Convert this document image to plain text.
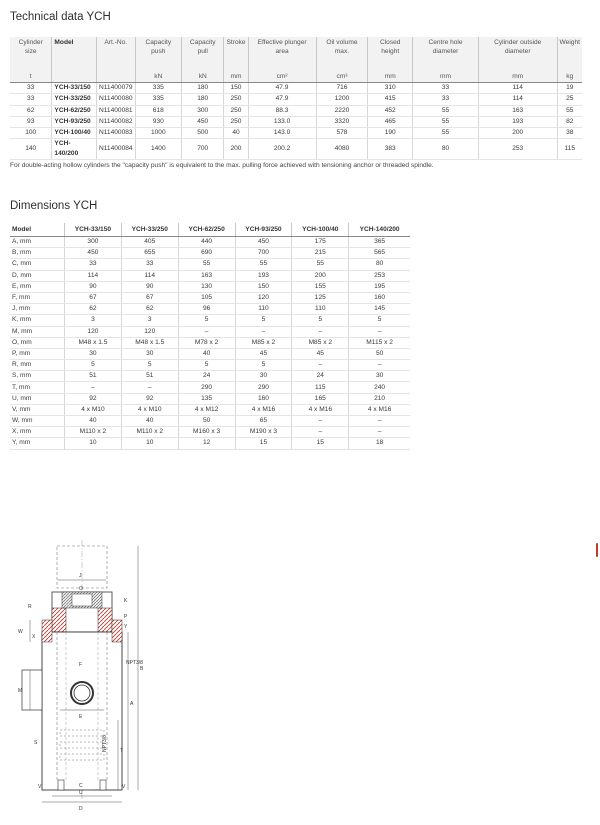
Technical data YCH
Cylinder size	Model	Art.-No.	Capacity push	Capacity pull	Stroke	Effective plunger area	Oil volume max.	Closed height	Centre hole diameter	Cylinder outside diameter	Weight
t			kN	kN	mm	cm²	cm³	mm	mm	mm	kg
33	YCH-33/150	N11400079	335	180	150	47.9	716	310	33	114	19
33	YCH-33/250	N11400080	335	180	250	47.9	1200	415	33	114	25
62	YCH-62/250	N11400081	618	300	250	88.3	2220	452	55	163	55
93	YCH-93/250	N11400082	930	450	250	133.0	3320	465	55	193	82
100	YCH-100/40	N11400083	1000	500	40	143.0	578	190	55	200	38
140	YCH-140/200	N11400084	1400	700	200	200.2	4080	383	80	253	115
For double-acting hollow cylinders the "capacity push" is equivalent to the max. pulling force achieved with tensioning anchor or threaded spindle.
Dimensions YCH
Model	YCH-33/150	YCH-33/250	YCH-62/250	YCH-93/250	YCH-100/40	YCH-140/200
A, mm	300	405	440	450	175	365
B, mm	450	655	690	700	215	565
C, mm	33	33	55	55	55	80
D, mm	114	114	163	193	200	253
E, mm	90	90	130	150	155	195
F, mm	67	67	105	120	125	160
J, mm	62	62	96	110	110	145
K, mm	3	3	5	5	5	5
M, mm	120	120	–	–	–	–
O, mm	M48 x 1.5	M48 x 1.5	M78 x 2	M85 x 2	M85 x 2	M115 x 2
P, mm	30	30	40	45	45	50
R, mm	5	5	5	5	–	–
S, mm	51	51	24	30	24	30
T, mm	–	–	290	290	115	240
U, mm	92	92	135	160	165	210
V, mm	4 x M10	4 x M10	4 x M12	4 x M16	4 x M16	4 x M16
W, mm	40	40	50	65	–	–
X, mm	M110 x 2	M110 x 2	M160 x 3	M190 x 3	–	–
Y, mm	10	10	12	15	15	18
J
O
R
W
X
K
P
Y
F
M
E
A
B
T
S
V	V
C
U
D
NPT3/8
NPT3/8
